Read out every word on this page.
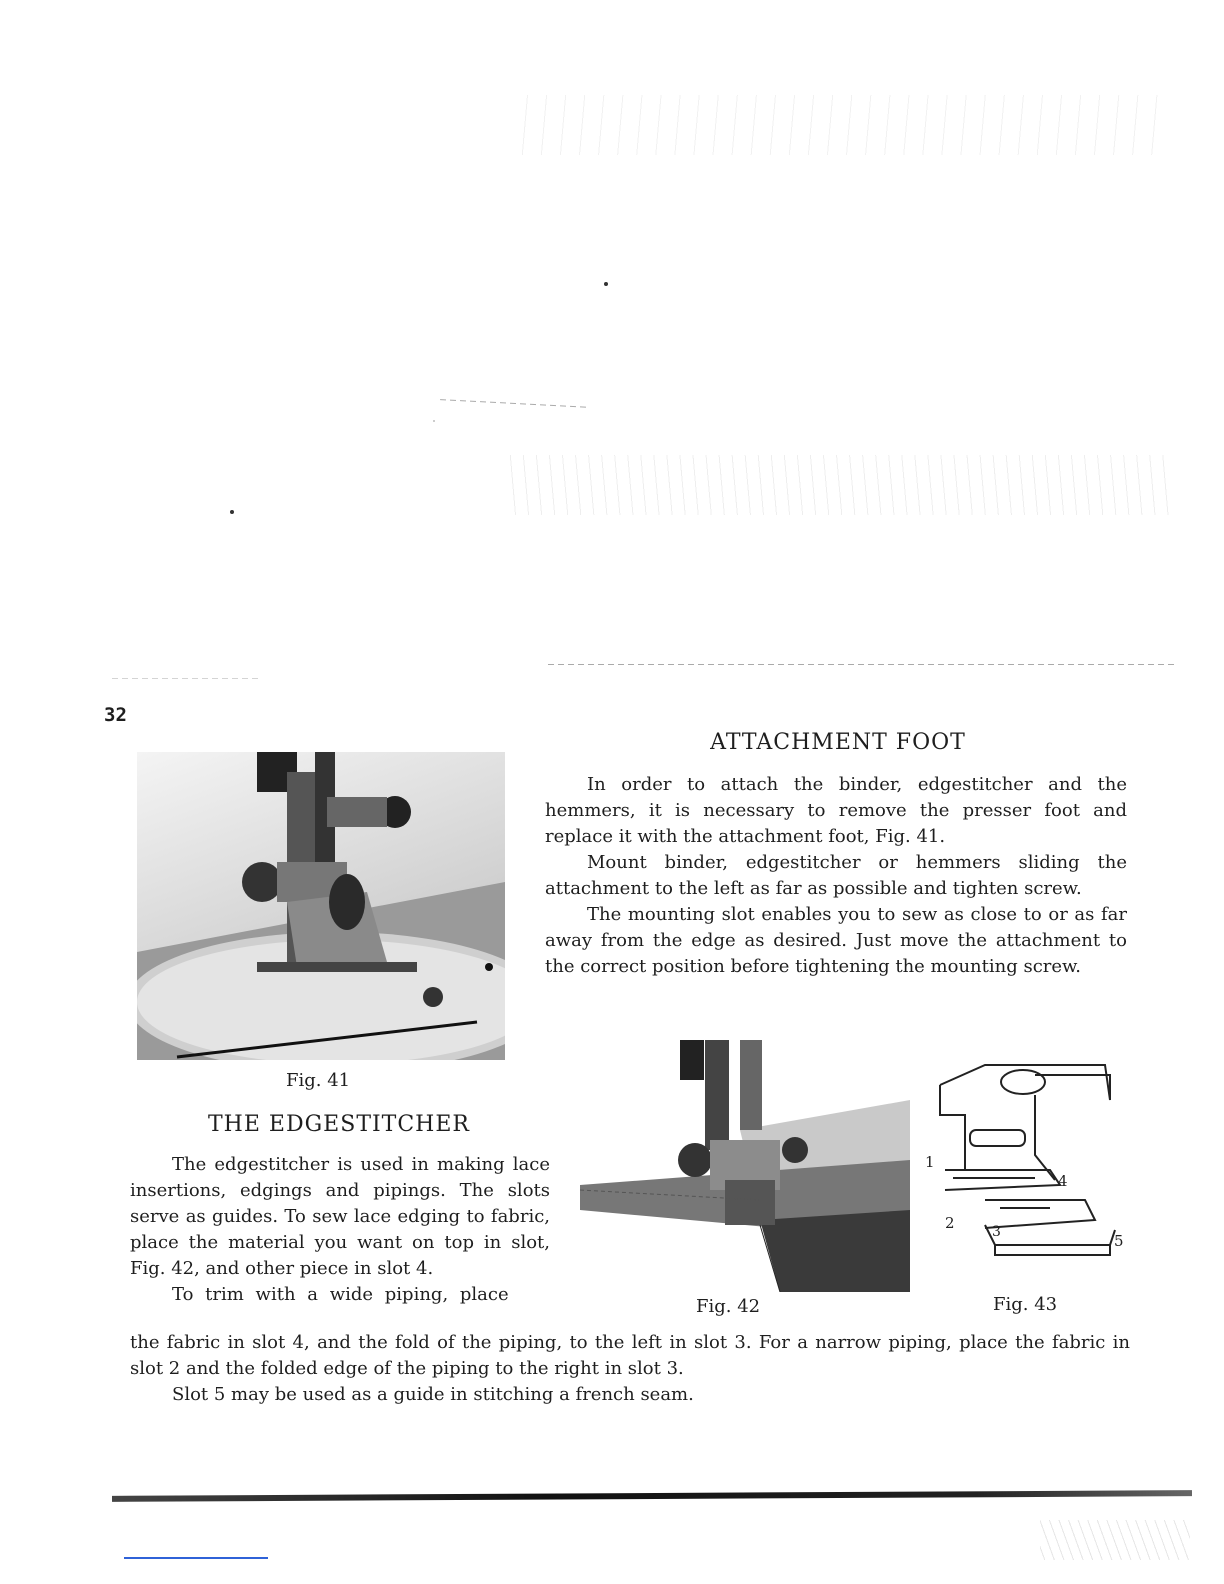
32
ATTACHMENT FOOT

In order to attach the binder, edgestitcher and the hemmers, it is necessary to remove the presser foot and replace it with the attachment foot, Fig. 41.

Mount binder, edgestitcher or hemmers sliding the attachment to the left as far as possible and tighten screw.

The mounting slot enables you to sew as close to or as far away from the edge as desired. Just move the attachment to the correct position before tightening the mounting screw.

Fig. 41
THE EDGESTITCHER

The edgestitcher is used in making lace insertions, edgings and pipings. The slots serve as guides. To sew lace edging to fabric, place the material you want on top in slot, Fig. 42, and other piece in slot 4.

To trim with a wide piping, place

Fig. 42
1
2	3
4
5
Fig. 43

the fabric in slot 4, and the fold of the piping, to the left in slot 3. For a narrow piping, place the fabric in slot 2 and the folded edge of the piping to the right in slot 3.

Slot 5 may be used as a guide in stitching a french seam.
